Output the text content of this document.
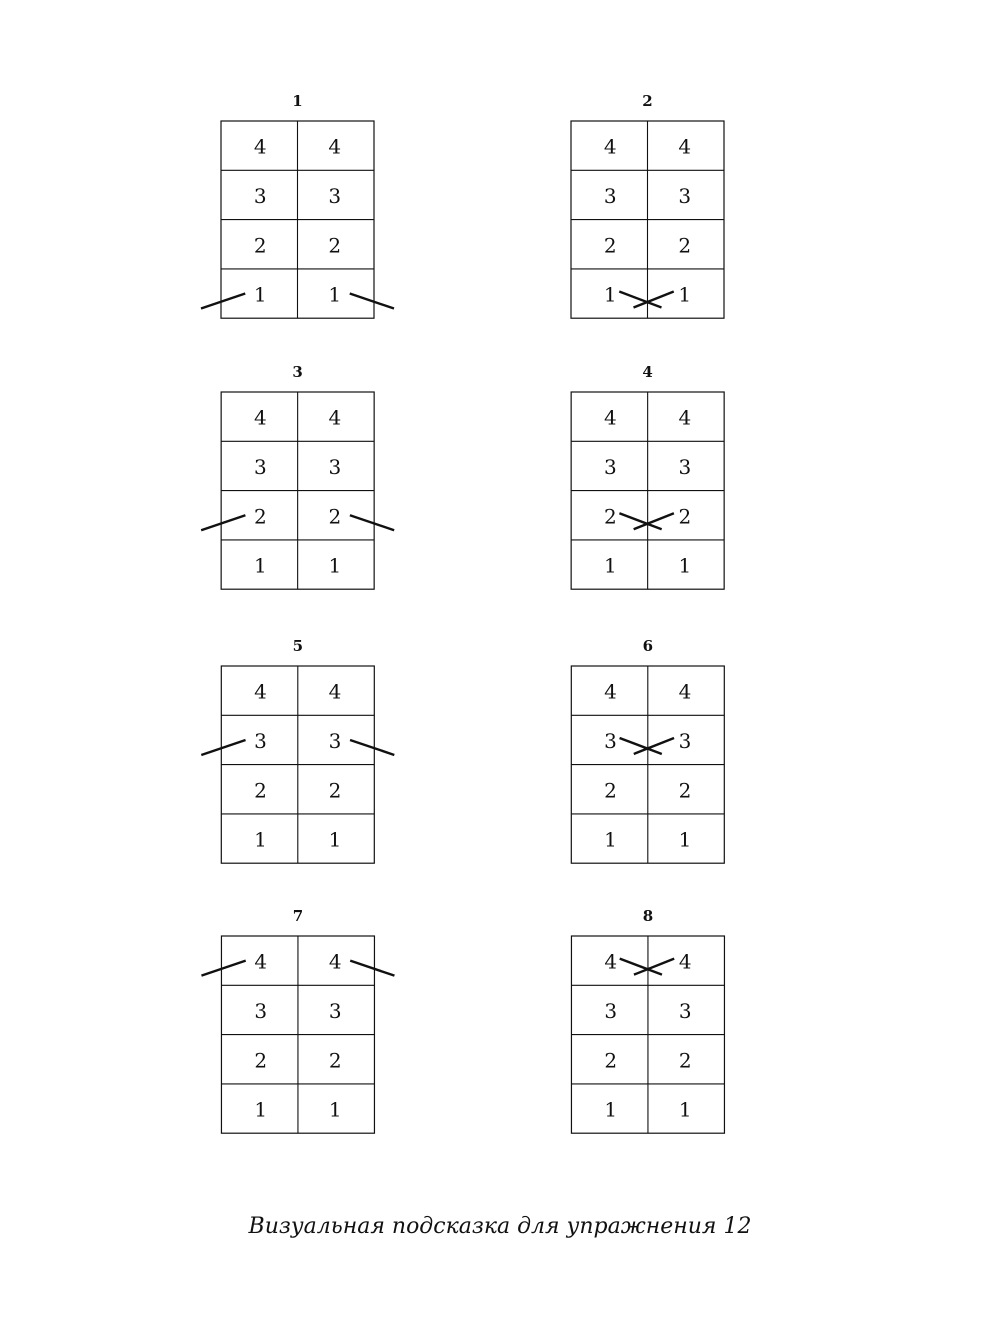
1
4	4
3	3
2	2
1	1
2
4	4
3	3
2	2
1	1
3
4	4
3	3
2	2
1	1
4
4	4
3	3
2	2
1	1
5
4	4
3	3
2	2
1	1
6
4	4
3	3
2	2
1	1
7
4	4
3	3
2	2
1	1
8
4	4
3	3
2	2
1	1
Визуальная подсказка для упражнения 12
